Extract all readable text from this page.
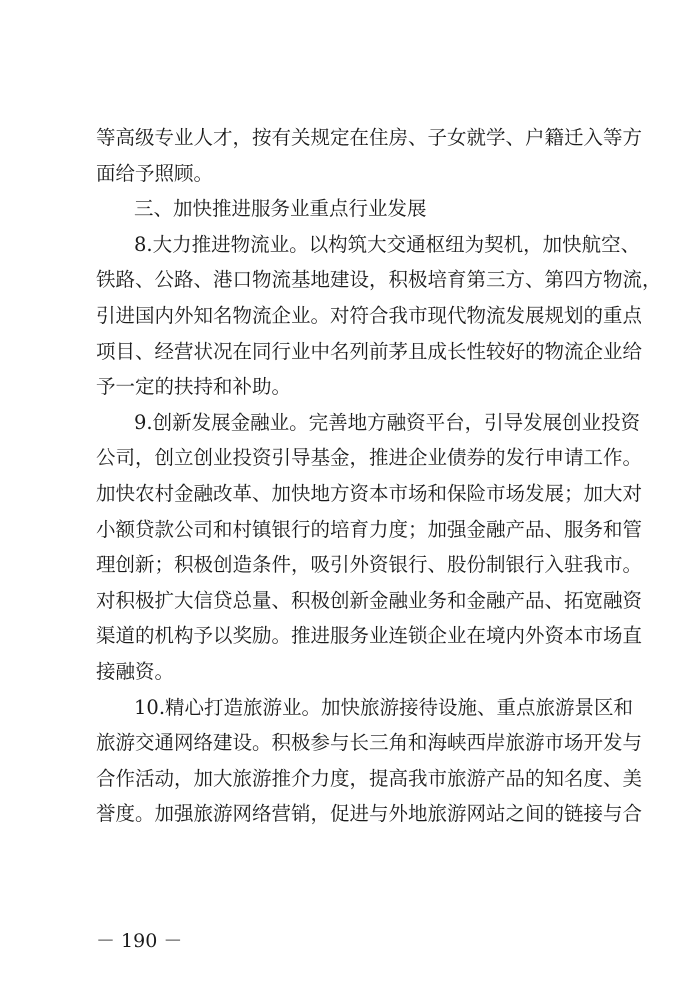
等高级专业人才，按有关规定在住房、子女就学、户籍迁入等方
面给予照顾。
三、加快推进服务业重点行业发展
8.大力推进物流业。以构筑大交通枢纽为契机，加快航空、
铁路、公路、港口物流基地建设，积极培育第三方、第四方物流，
引进国内外知名物流企业。对符合我市现代物流发展规划的重点
项目、经营状况在同行业中名列前茅且成长性较好的物流企业给
予一定的扶持和补助。
9.创新发展金融业。完善地方融资平台，引导发展创业投资
公司，创立创业投资引导基金，推进企业债券的发行申请工作。
加快农村金融改革、加快地方资本市场和保险市场发展；加大对
小额贷款公司和村镇银行的培育力度；加强金融产品、服务和管
理创新；积极创造条件，吸引外资银行、股份制银行入驻我市。
对积极扩大信贷总量、积极创新金融业务和金融产品、拓宽融资
渠道的机构予以奖励。推进服务业连锁企业在境内外资本市场直
接融资。
10.精心打造旅游业。加快旅游接待设施、重点旅游景区和
旅游交通网络建设。积极参与长三角和海峡西岸旅游市场开发与
合作活动，加大旅游推介力度，提高我市旅游产品的知名度、美
誉度。加强旅游网络营销，促进与外地旅游网站之间的链接与合
－ 190 －
